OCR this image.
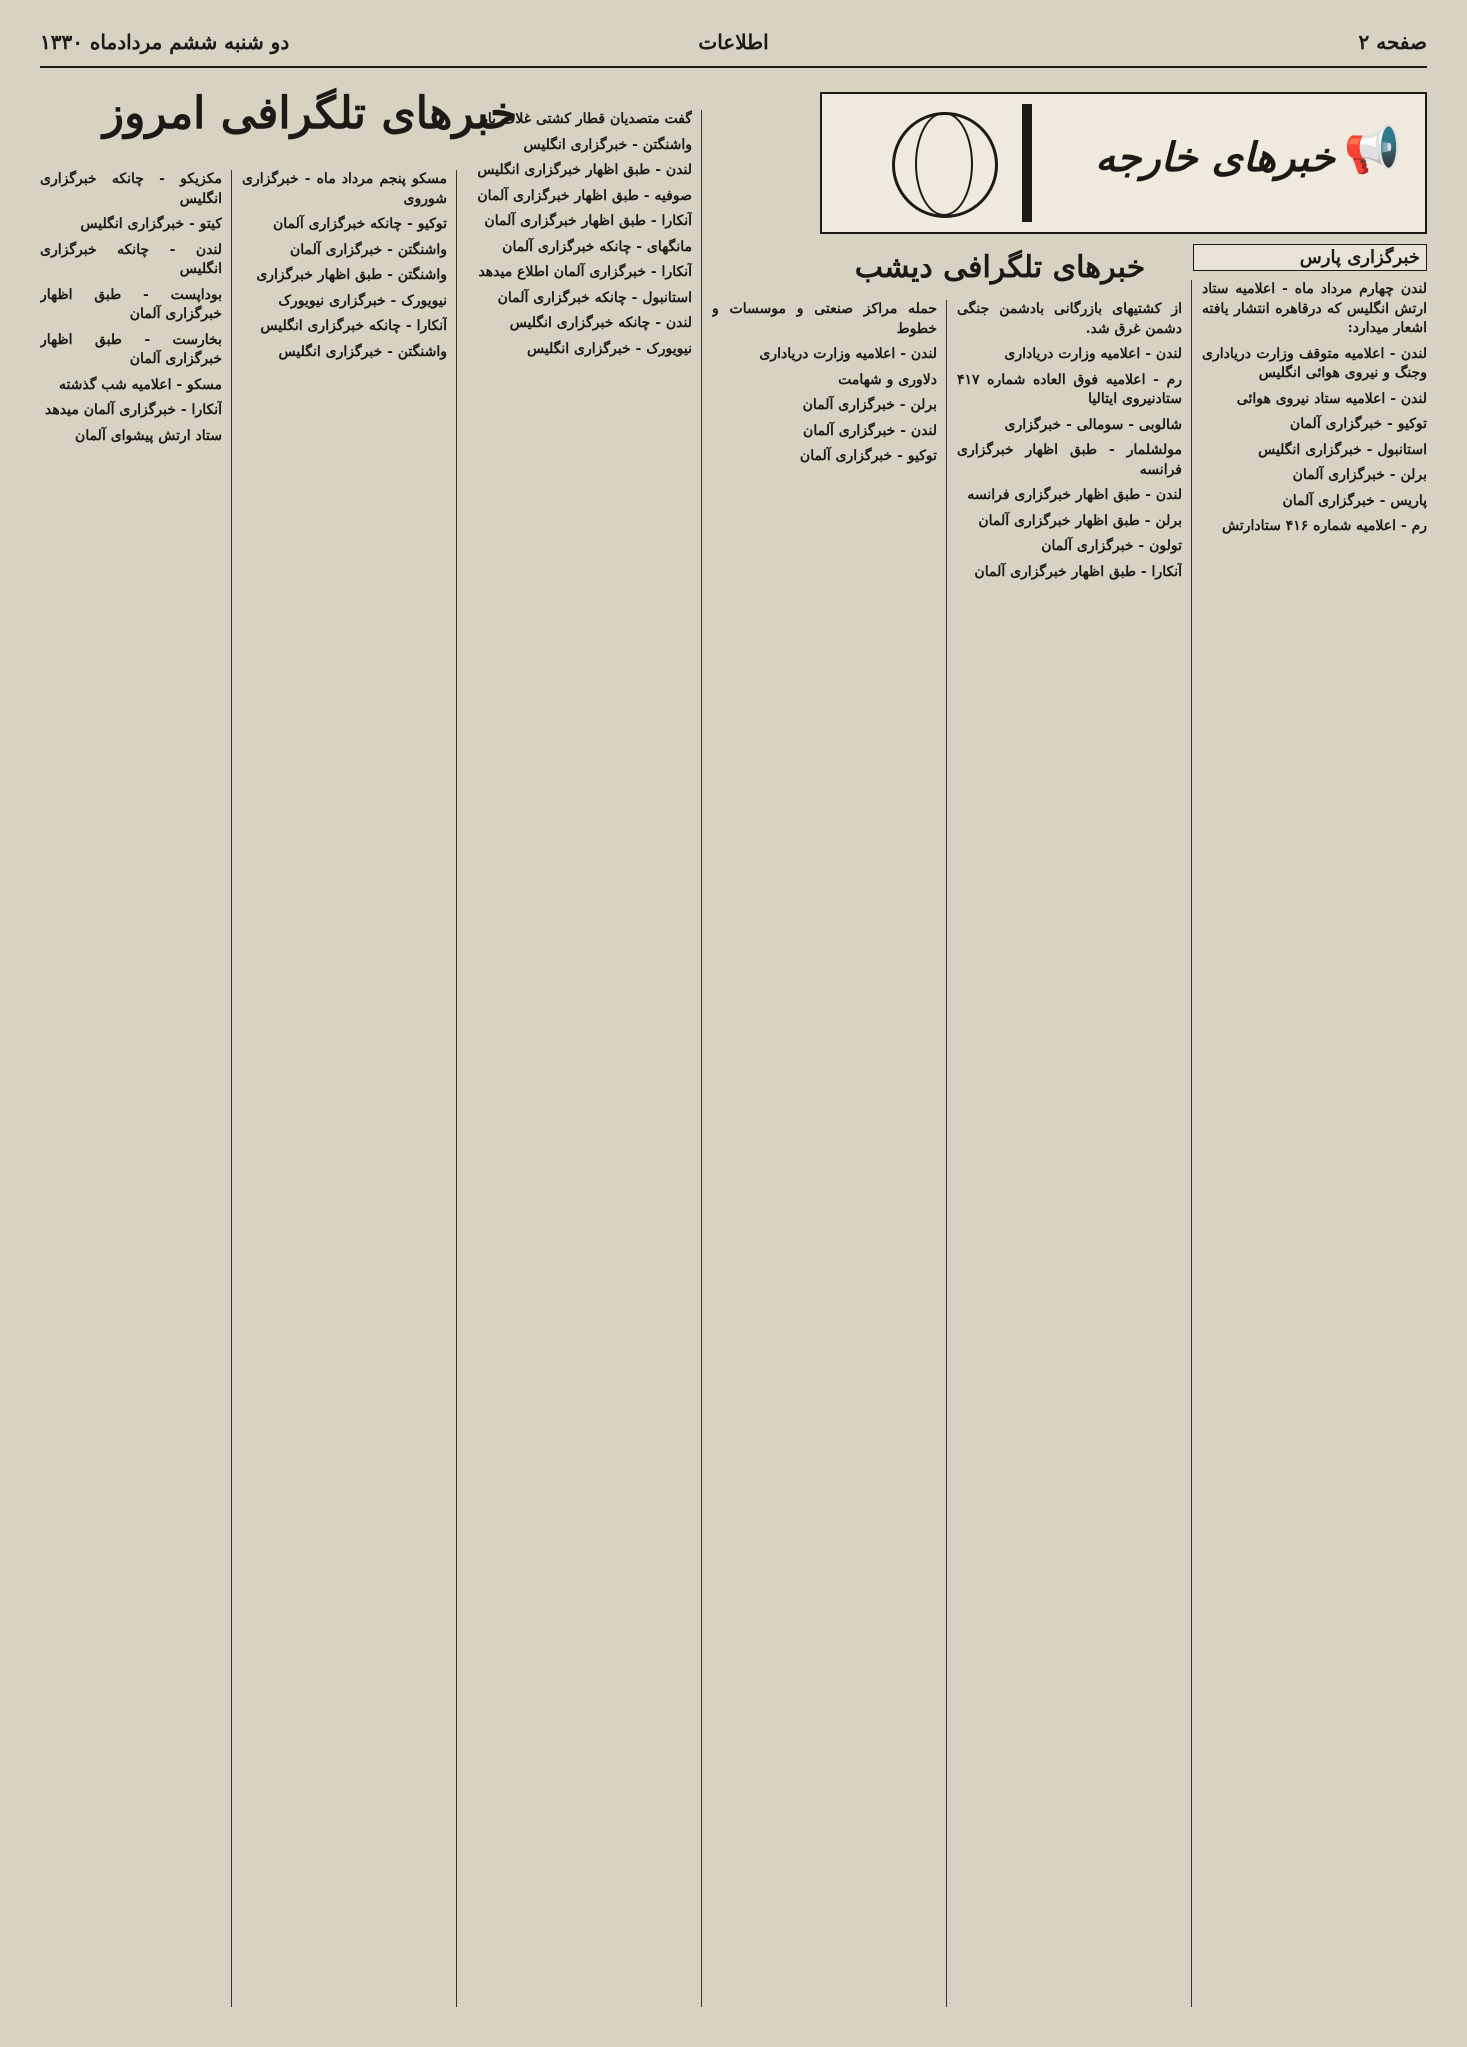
صفحه ۲
اطلاعات
دو شنبه ششم مردادماه ۱۳۳۰
📢
خبرهای خارجه
خبرهای تلگرافی امروز
خبرهای تلگرافی دیشب	خبرگزاری پارس

لندن چهارم مرداد ماه - اعلامیه ستاد ارتش انگلیس که درقاهره انتشار یافته اشعار میدارد:

لندن - اعلامیه متوقف وزارت دریاداری وجنگ و نیروی هوائی انگلیس

لندن - اعلامیه ستاد نیروی هوائی

توکیو - خبرگزاری آلمان

استانبول - خبرگزاری انگلیس

برلن - خبرگزاری آلمان

پاریس - خبرگزاری آلمان

رم - اعلامیه شماره ۴۱۶ ستادارتش

از کشتیهای بازرگانی بادشمن جنگی دشمن غرق شد.

لندن - اعلامیه وزارت دریاداری

رم - اعلامیه فوق العاده شماره ۴۱۷ ستادنیروی ایتالیا

شالوبی - سومالی - خبرگزاری

مولشلمار - طبق اظهار خبرگزاری فرانسه

لندن - طبق اظهار خبرگزاری فرانسه

برلن - طبق اظهار خبرگزاری آلمان

تولون - خبرگزاری آلمان

آنکارا - طبق اظهار خبرگزاری آلمان

حمله مراکز صنعتی و موسسات و خطوط

لندن - اعلامیه وزارت دریاداری

دلاوری و شهامت

برلن - خبرگزاری آلمان

لندن - خبرگزاری آلمان

توکیو - خبرگزاری آلمان

گفت متصدیان قطار کشتی غلاف بار

واشنگتن - خبرگزاری انگلیس

لندن - طبق اظهار خبرگزاری انگلیس

صوفیه - طبق اظهار خبرگزاری آلمان

آنکارا - طبق اظهار خبرگزاری آلمان

مانگهای - چانکه خبرگزاری آلمان

آنکارا - خبرگزاری آلمان اطلاع میدهد

استانبول - چانکه خبرگزاری آلمان

لندن - چانکه خبرگزاری انگلیس

نیویورک - خبرگزاری انگلیس

مسکو پنجم مرداد ماه - خبرگزاری شوروی

توکیو - چانکه خبرگزاری آلمان

واشنگتن - خبرگزاری آلمان

واشنگتن - طبق اظهار خبرگزاری

نیویورک - خبرگزاری نیویورک

آنکارا - چانکه خبرگزاری انگلیس

واشنگتن - خبرگزاری انگلیس

مکزیکو - چانکه خبرگزاری انگلیس

کیتو - خبرگزاری انگلیس

لندن - چانکه خبرگزاری انگلیس

بوداپست - طبق اظهار خبرگزاری آلمان

بخارست - طبق اظهار خبرگزاری آلمان

مسکو - اعلامیه شب گذشته

آنکارا - خبرگزاری آلمان میدهد

ستاد ارتش پیشوای آلمان
